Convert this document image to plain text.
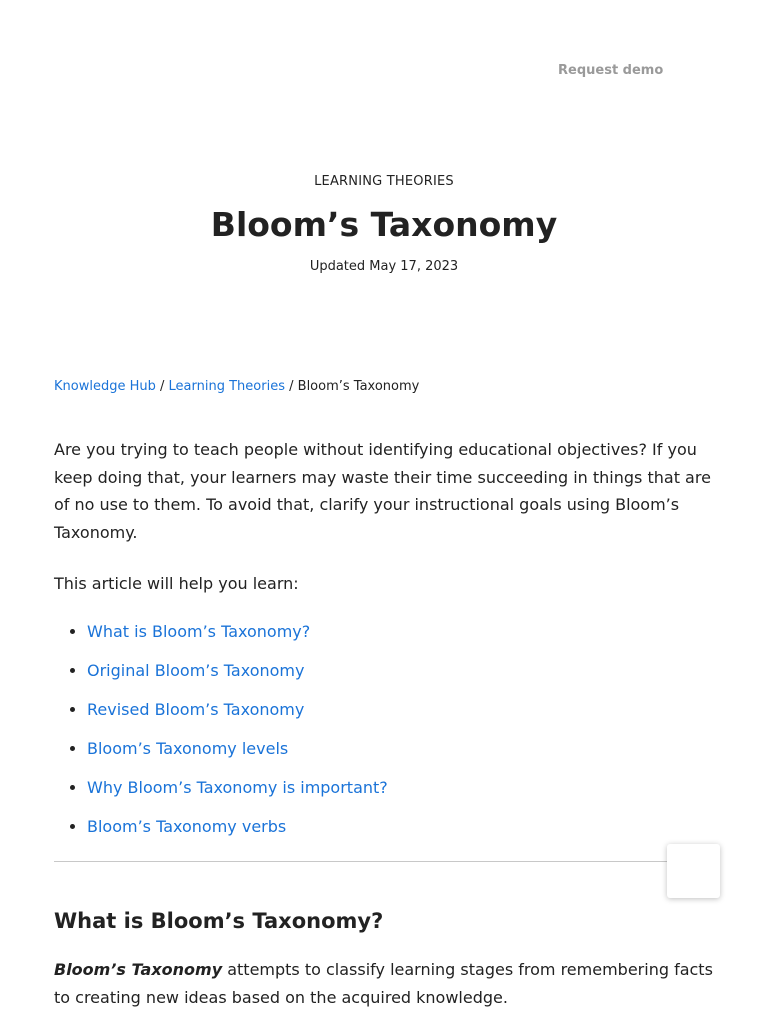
Request demo

LEARNING THEORIES

Bloom’s Taxonomy

Updated May 17, 2023

Knowledge Hub / Learning Theories / Bloom’s Taxonomy

Are you trying to teach people without identifying educational objectives? If you keep doing that, your learners may waste their time succeeding in things that are of no use to them. To avoid that, clarify your instructional goals using Bloom’s Taxonomy.

This article will help you learn:

• What is Bloom’s Taxonomy?
• Original Bloom’s Taxonomy
• Revised Bloom’s Taxonomy
• Bloom’s Taxonomy levels
• Why Bloom’s Taxonomy is important?
• Bloom’s Taxonomy verbs
What is Bloom’s Taxonomy?

Bloom’s Taxonomy attempts to classify learning stages from remembering facts to creating new ideas based on the acquired knowledge.
